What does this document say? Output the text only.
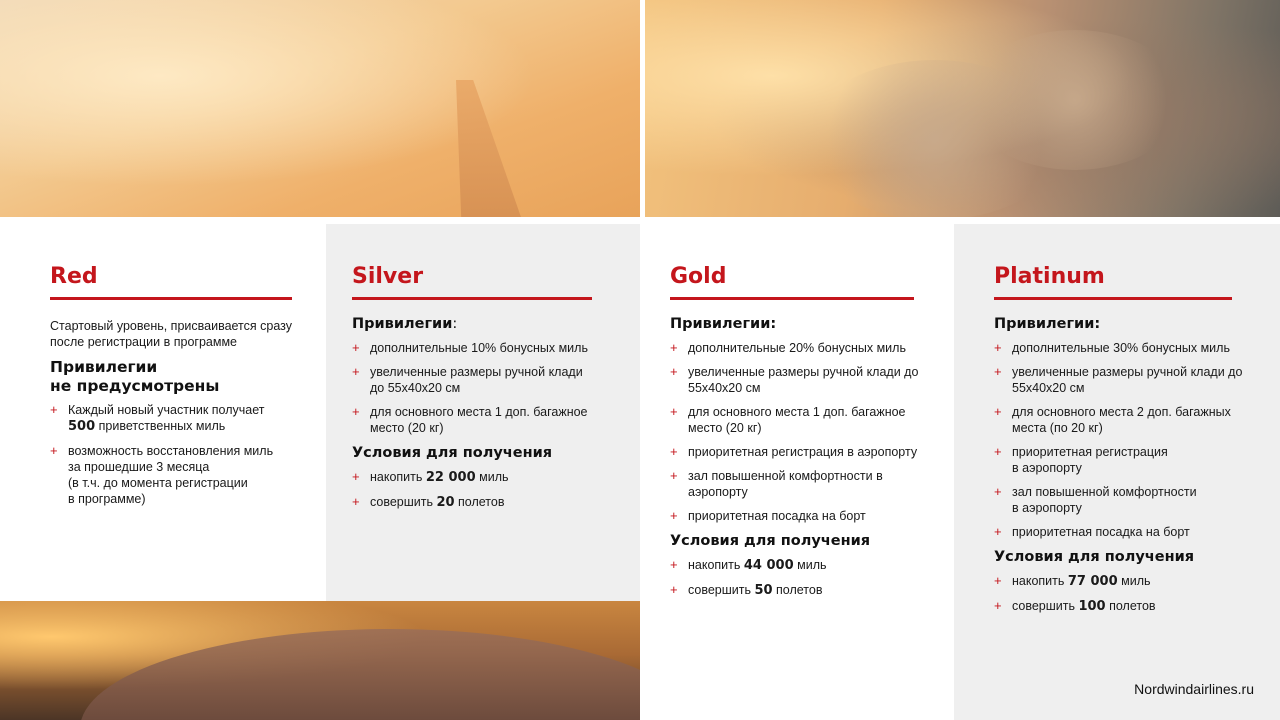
Red
Стартовый уровень, присваивается сразу после регистрации в программе
Привилегии
не предусмотрены
+ Каждый новый участник получает
500 приветственных миль
+ возможность восстановления миль
за прошедшие 3 месяца
(в т.ч. до момента регистрации
в программе)
Silver
Привилегии:
+ дополнительные 10% бонусных миль
+ увеличенные размеры ручной клади
до 55х40х20 см
+ для основного места 1 доп. багажное место (20 кг)
Условия для получения
+ накопить 22 000 миль
+ совершить 20 полетов
Gold
Привилегии:
+ дополнительные 20% бонусных миль
+ увеличенные размеры ручной клади до 55х40х20 см
+ для основного места 1 доп. багажное место (20 кг)
+ приоритетная регистрация в аэропорту
+ зал повышенной комфортности в аэропорту
+ приоритетная посадка на борт
Условия для получения
+ накопить 44 000 миль
+ совершить 50 полетов
Platinum
Привилегии:
+ дополнительные 30% бонусных миль
+ увеличенные размеры ручной клади до 55х40х20 см
+ для основного места 2 доп. багажных места (по 20 кг)
+ приоритетная регистрация
в аэропорту
+ зал повышенной комфортности
в аэропорту
+ приоритетная посадка на борт
Условия для получения
+ накопить 77 000 миль
+ совершить 100 полетов
Nordwindairlines.ru
